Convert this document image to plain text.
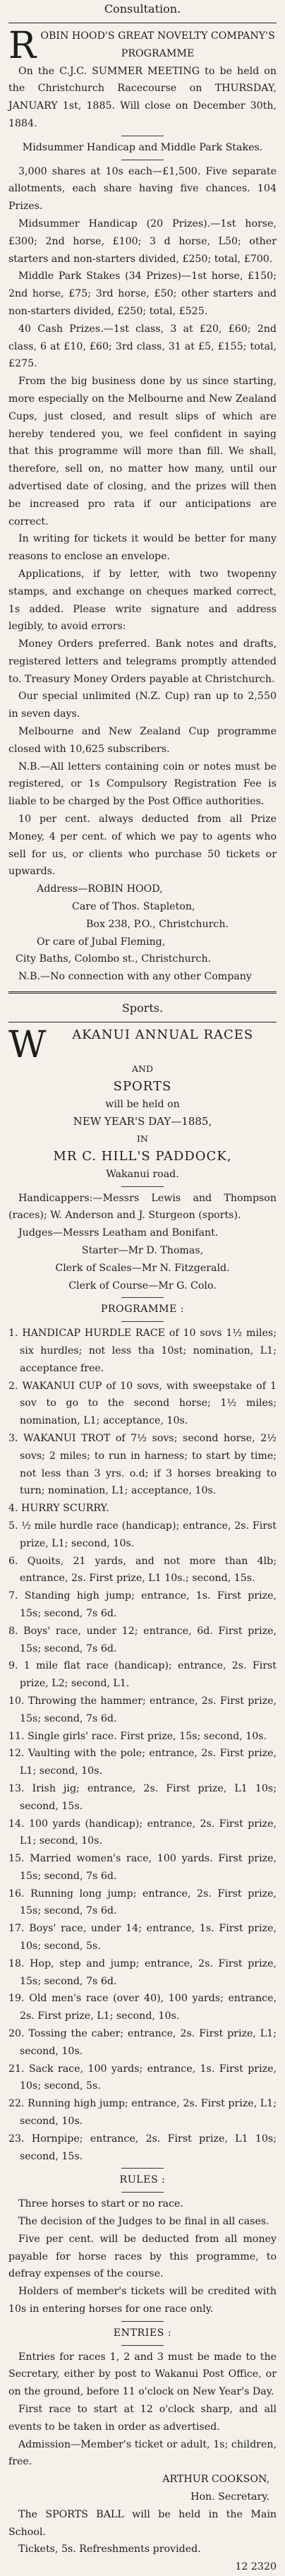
Consultation.

R OBIN HOOD'S GREAT NOVELTY COMPANY'S PROGRAMME

On the C.J.C. SUMMER MEETING to be held on the Christchurch Racecourse on THURSDAY, JANUARY 1st, 1885. Will close on December 30th, 1884.

Midsummer Handicap and Middle Park Stakes.

3,000 shares at 10s each—£1,500. Five separate allotments, each share having five chances. 104 Prizes.

Midsummer Handicap (20 Prizes).—1st horse, £300; 2nd horse, £100; 3 d horse, L50; other starters and non-starters divided, £250; total, £700.

Middle Park Stakes (34 Prizes)—1st horse, £150; 2nd horse, £75; 3rd horse, £50; other starters and non-starters divided, £250; total, £525.

40 Cash Prizes.—1st class, 3 at £20, £60; 2nd class, 6 at £10, £60; 3rd class, 31 at £5, £155; total, £275.

From the big business done by us since starting, more especially on the Melbourne and New Zealand Cups, just closed, and result slips of which are hereby tendered you, we feel confident in saying that this programme will more than fill. We shall, therefore, sell on, no matter how many, until our advertised date of closing, and the prizes will then be increased pro rata if our anticipations are correct.

In writing for tickets it would be better for many reasons to enclose an envelope.

Applications, if by letter, with two twopenny stamps, and exchange on cheques marked correct, 1s added. Please write signature and address legibly, to avoid errors:

Money Orders preferred. Bank notes and drafts, registered letters and telegrams promptly attended to. Treasury Money Orders payable at Christchurch.

Our special unlimited (N.Z. Cup) ran up to 2,550 in seven days.

Melbourne and New Zealand Cup programme closed with 10,625 subscribers.

N.B.—All letters containing coin or notes must be registered, or 1s Compulsory Registration Fee is liable to be charged by the Post Office authorities.

10 per cent. always deducted from all Prize Money, 4 per cent. of which we pay to agents who sell for us, or clients who purchase 50 tickets or upwards.

Address—ROBIN HOOD,

Care of Thos. Stapleton,

Box 238, P.O., Christchurch.

Or care of Jubal Fleming,

City Baths, Colombo st., Christchurch.

N.B.—No connection with any other Company

Sports.

W	AKANUI ANNUAL RACES

AND

SPORTS

will be held on

NEW YEAR'S DAY—1885,

IN

MR C. HILL'S PADDOCK,

Wakanui road.

Handicappers:—Messrs Lewis and Thompson (races); W. Anderson and J. Sturgeon (sports).

Judges—Messrs Leatham and Bonifant.

Starter—Mr D. Thomas,

Clerk of Scales—Mr N. Fitzgerald.

Clerk of Course—Mr G. Colo.

PROGRAMME :

1. HANDICAP HURDLE RACE of 10 sovs 1½ miles; six hurdles; not less tha 10st; nomination, L1; acceptance free.

2. WAKANUI CUP of 10 sovs, with sweepstake of 1 sov to go to the second horse; 1½ miles; nomination, L1; acceptance, 10s.

3. WAKANUI TROT of 7½ sovs; second horse, 2½ sovs; 2 miles; to run in harness; to start by time; not less than 3 yrs. o.d; if 3 horses breaking to turn; nomination, L1; acceptance, 10s.

4. HURRY SCURRY.

5. ½ mile hurdle race (handicap); entrance, 2s. First prize, L1; second, 10s.

6. Quoits, 21 yards, and not more than 4lb; entrance, 2s. First prize, L1 10s.; second, 15s.

7. Standing high jump; entrance, 1s. First prize, 15s; second, 7s 6d.

8. Boys' race, under 12; entrance, 6d. First prize, 15s; second, 7s 6d.

9. 1 mile flat race (handicap); entrance, 2s. First prize, L2; second, L1.

10. Throwing the hammer; entrance, 2s. First prize, 15s; second, 7s 6d.

11. Single girls' race. First prize, 15s; second, 10s.

12. Vaulting with the pole; entrance, 2s. First prize, L1; second, 10s.

13. Irish jig; entrance, 2s. First prize, L1 10s; second, 15s.

14. 100 yards (handicap); entrance, 2s. First prize, L1; second, 10s.

15. Married women's race, 100 yards. First prize, 15s; second, 7s 6d.

16. Running long jump; entrance, 2s. First prize, 15s; second, 7s 6d.

17. Boys' race, under 14; entrance, 1s. First prize, 10s; second, 5s.

18. Hop, step and jump; entrance, 2s. First prize, 15s; second, 7s 6d.

19. Old men's race (over 40), 100 yards; entrance, 2s. First prize, L1; second, 10s.

20. Tossing the caber; entrance, 2s. First prize, L1; second, 10s.

21. Sack race, 100 yards; entrance, 1s. First prize, 10s; second, 5s.

22. Running high jump; entrance, 2s. First prize, L1; second, 10s.

23. Hornpipe; entrance, 2s. First prize, L1 10s; second, 15s.

RULES :

Three horses to start or no race.

The decision of the Judges to be final in all cases.

Five per cent. will be deducted from all money payable for horse races by this programme, to defray expenses of the course.

Holders of member's tickets will be credited with 10s in entering horses for one race only.

ENTRIES :

Entries for races 1, 2 and 3 must be made to the Secretary, either by post to Wakanui Post Office, or on the ground, before 11 o'clock on New Year's Day.

First race to start at 12 o'clock sharp, and all events to be taken in order as advertised.

Admission—Member's ticket or adult, 1s; children, free.

ARTHUR COOKSON,

Hon. Secretary.

The SPORTS BALL will be held in the Main School.

Tickets, 5s. Refreshments provided.

12 2320
